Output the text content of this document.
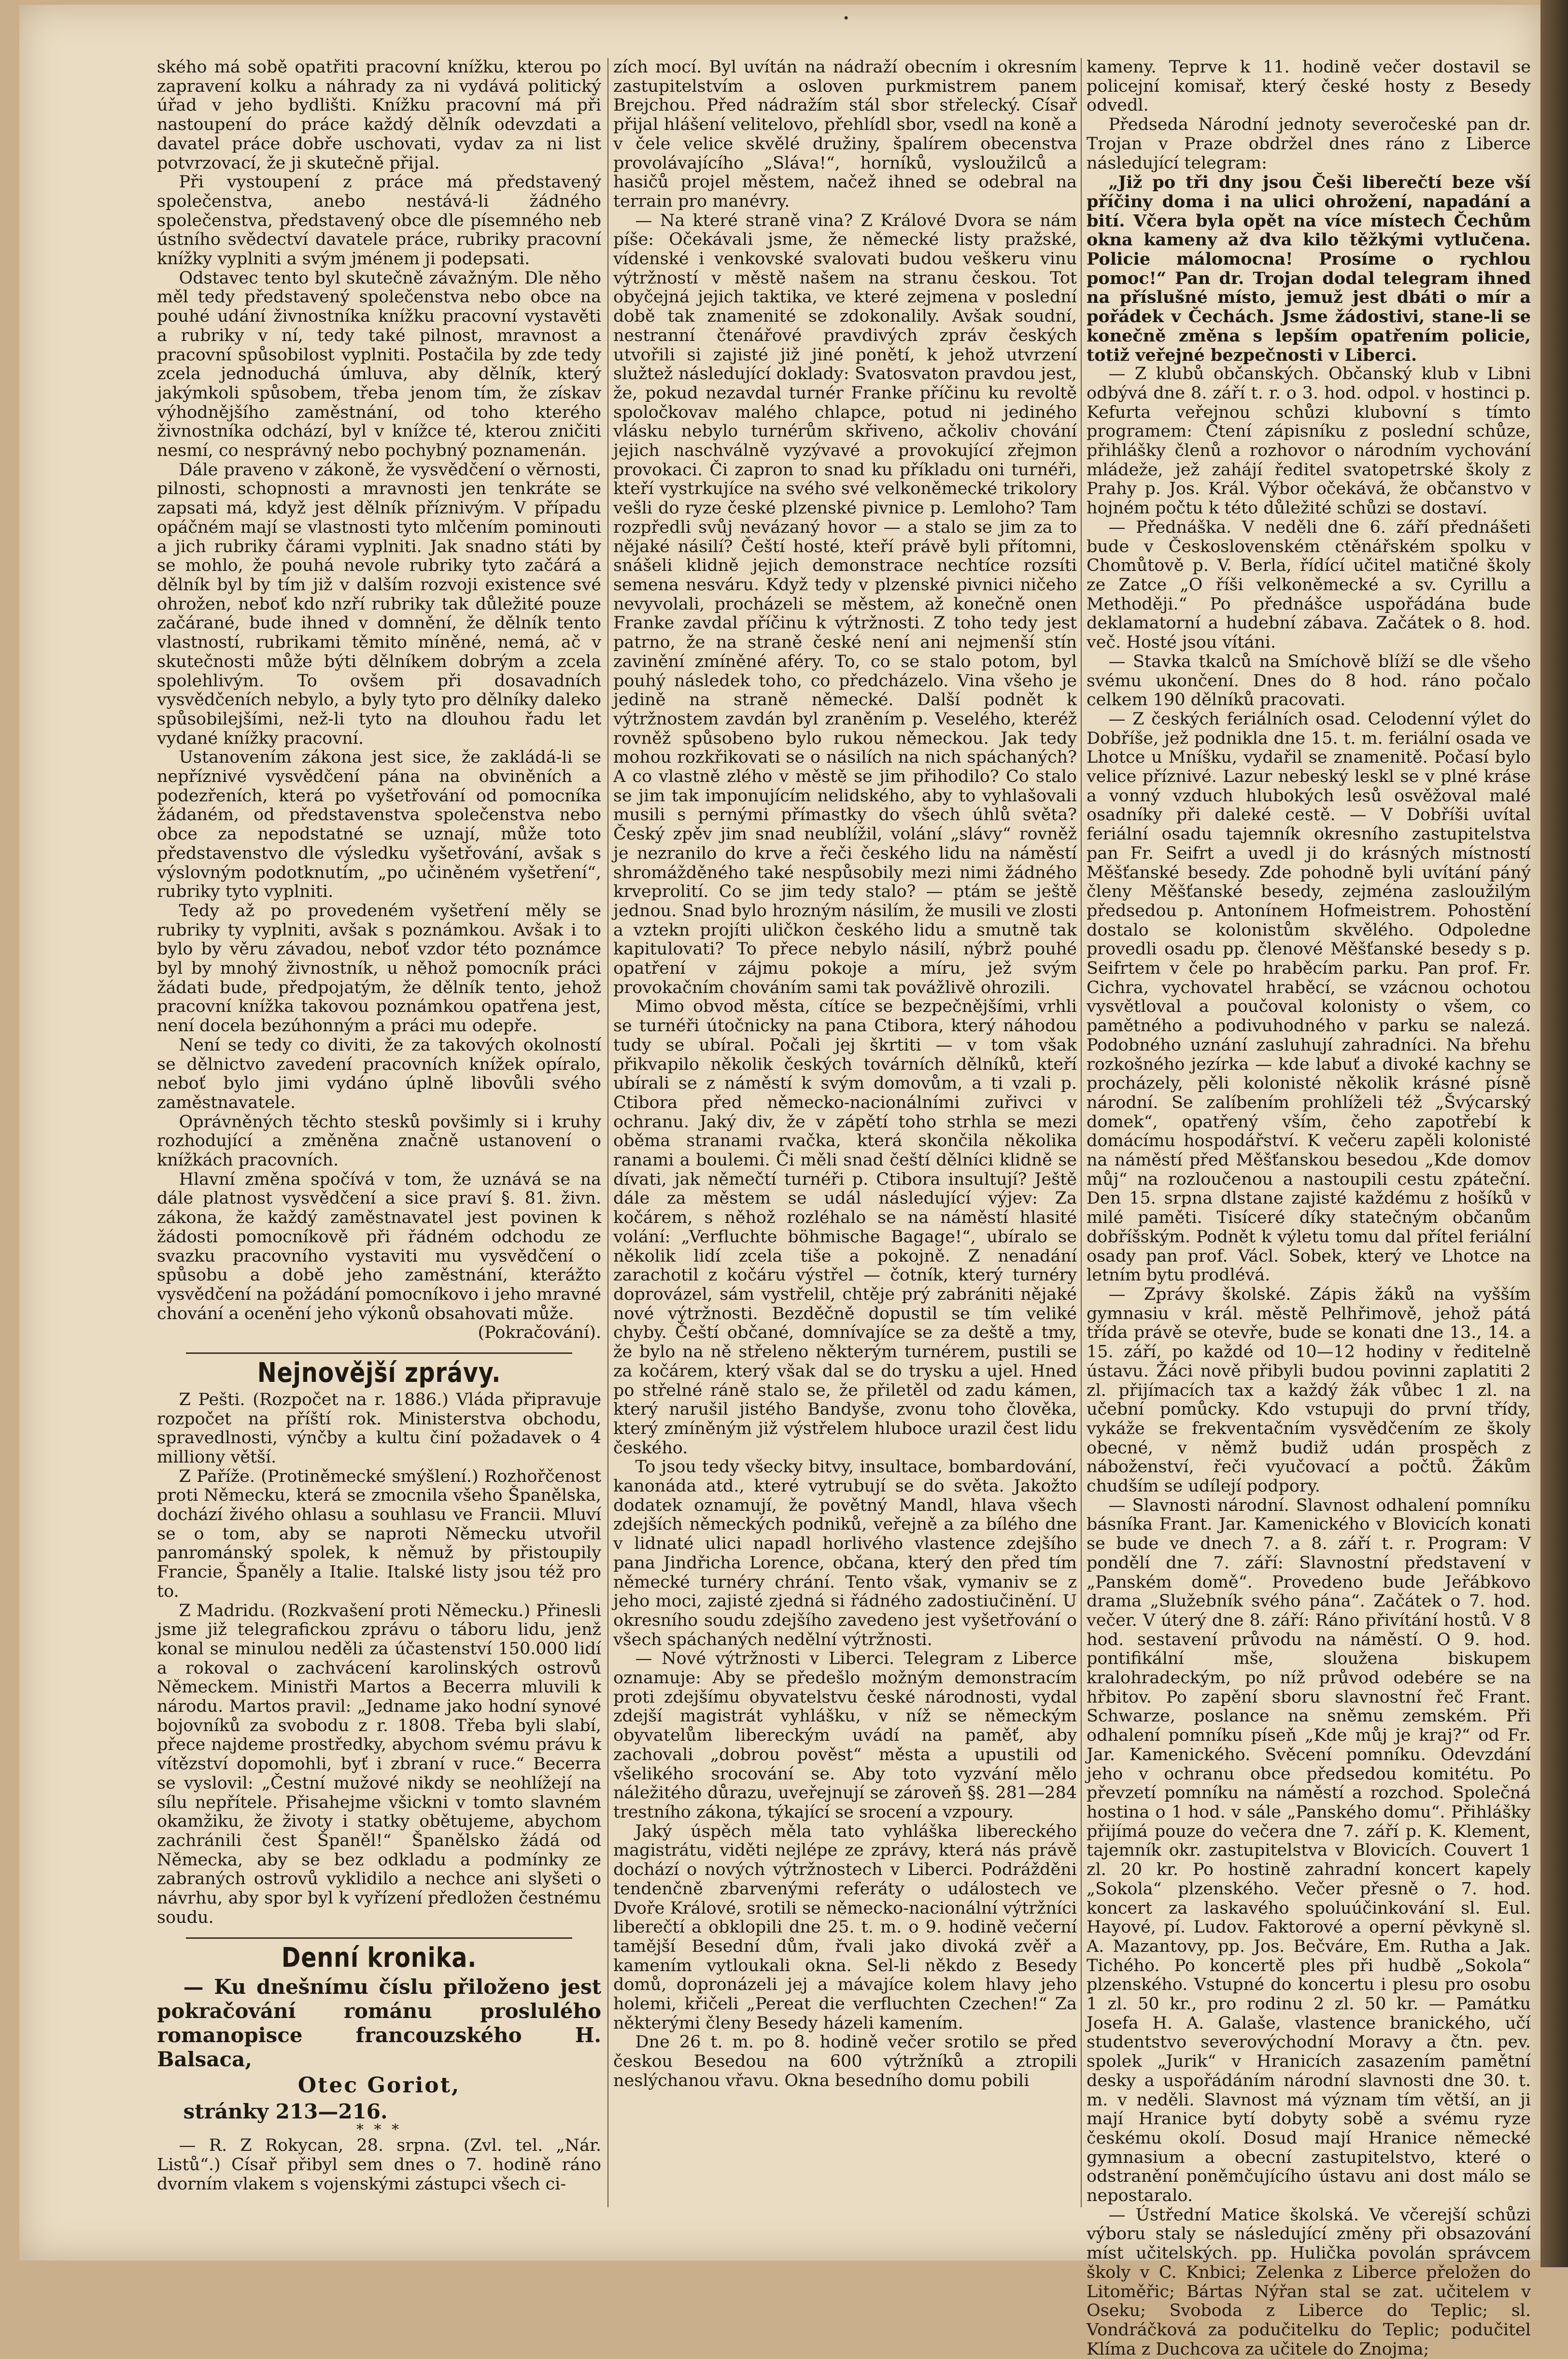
•

ského má sobě opatřiti pracovní knížku, kterou po zapravení kolku a náhrady za ni vydává politický úřad v jeho bydlišti. Knížku pracovní má při nastoupení do práce každý dělník odevzdati a davatel práce dobře uschovati, vydav za ni list potvrzovací, že ji skutečně přijal.

Při vystoupení z práce má představený společenstva, anebo nestává-li žádného společenstva, představený obce dle písemného neb ústního svědectví davatele práce, rubriky pracovní knížky vyplniti a svým jménem ji podepsati.

Odstavec tento byl skutečně závažným. Dle něho měl tedy představený společenstva nebo obce na pouhé udání živnostníka knížku pracovní vystavěti a rubriky v ní, tedy také pilnost, mravnost a pracovní spůsobilost vyplniti. Postačila by zde tedy zcela jednoduchá úmluva, aby dělník, který jakýmkoli spůsobem, třeba jenom tím, že získav výhodnějšího zaměstnání, od toho kterého živnostníka odchází, byl v knížce té, kterou zničiti nesmí, co nesprávný nebo pochybný poznamenán.

Dále praveno v zákoně, že vysvědčení o věrnosti, pilnosti, schopnosti a mravnosti jen tenkráte se zapsati má, když jest dělník příznivým. V případu opáčném mají se vlastnosti tyto mlčením pominouti a jich rubriky čárami vyplniti. Jak snadno státi by se mohlo, že pouhá nevole rubriky tyto začárá a dělník byl by tím již v dalším rozvoji existence své ohrožen, neboť kdo nzří rubriky tak důležité pouze začárané, bude ihned v domnění, že dělník tento vlastností, rubrikami těmito míněné, nemá, ač v skutečnosti může býti dělníkem dobrým a zcela spolehlivým. To ovšem při dosavadních vysvědčeních nebylo, a byly tyto pro dělníky daleko spůsobilejšími, než-li tyto na dlouhou řadu let vydané knížky pracovní.

Ustanovením zákona jest sice, že zakládá-li se nepříznivé vysvědčení pána na obviněních a podezřeních, která po vyšetřování od pomocníka žádaném, od představenstva společenstva nebo obce za nepodstatné se uznají, může toto představenstvo dle výsledku vyšetřování, avšak s výslovným podotknutím, „po učiněném vyšetření“, rubriky tyto vyplniti.

Tedy až po provedeném vyšetření měly se rubriky ty vyplniti, avšak s poznámkou. Avšak i to bylo by věru závadou, neboť vzdor této poznámce byl by mnohý živnostník, u něhož pomocník práci žádati bude, předpojatým, že dělník tento, jehož pracovní knížka takovou poznámkou opatřena jest, není docela bezúhonným a práci mu odepře.

Není se tedy co diviti, že za takových okolností se dělnictvo zavedení pracovních knížek opíralo, neboť bylo jimi vydáno úplně libovůli svého zaměstnavatele.

Oprávněných těchto stesků povšimly si i kruhy rozhodující a změněna značně ustanovení o knížkách pracovních.

Hlavní změna spočívá v tom, že uznává se na dále platnost vysvědčení a sice praví §. 81. živn. zákona, že každý zaměstnavatel jest povinen k žádosti pomocníkově při řádném odchodu ze svazku pracovního vystaviti mu vysvědčení o spůsobu a době jeho zaměstnání, kterážto vysvědčení na požádání pomocníkovo i jeho mravné chování a ocenění jeho výkonů obsahovati může.

(Pokračování).

Nejnovější zprávy.

Z Pešti. (Rozpočet na r. 1886.) Vláda připravuje rozpočet na příští rok. Ministerstva obchodu, spravedlnosti, výnčby a kultu činí požadavek o 4 milliony větší.

Z Paříže. (Protiněmecké smýšlení.) Rozhořčenost proti Německu, která se zmocnila všeho Španělska, dochází živého ohlasu a souhlasu ve Francii. Mluví se o tom, aby se naproti Německu utvořil panrománský spolek, k němuž by přistoupily Francie, Španěly a Italie. Italské listy jsou též pro to.

Z Madridu. (Rozkvašení proti Německu.) Přinesli jsme již telegrafickou zprávu o táboru lidu, jenž konal se minulou neděli za účastenství 150.000 lidí a rokoval o zachvácení karolinských ostrovů Německem. Ministři Martos a Becerra mluvili k národu. Martos pravil: „Jedname jako hodní synové bojovníků za svobodu z r. 1808. Třeba byli slabí, přece najdeme prostředky, abychom svému právu k vítězství dopomohli, byť i zbraní v ruce.“ Becerra se vyslovil: „Čestní mužové nikdy se neohlížejí na sílu nepřítele. Přisahejme všickni v tomto slavném okamžiku, že životy i statky obětujeme, abychom zachránili čest Španěl!“ Španělsko žádá od Německa, aby se bez odkladu a podmínky ze zabraných ostrovů vyklidilo a nechce ani slyšeti o návrhu, aby spor byl k vyřízení předložen čestnému soudu.

Denní kronika.

— Ku dnešnímu číslu přiloženo jest pokračování románu proslulého romanopisce francouzského H. Balsaca,

Otec Goriot,

stránky 213—216.

* * *

— R. Z Rokycan, 28. srpna. (Zvl. tel. „Nár. Listů“.) Císař přibyl sem dnes o 7. hodině ráno dvorním vlakem s vojenskými zástupci všech ci-

zích mocí. Byl uvítán na nádraží obecním i okresním zastupitelstvím a osloven purkmistrem panem Brejchou. Před nádražím stál sbor střelecký. Císař přijal hlášení velitelovo, přehlídl sbor, vsedl na koně a v čele velice skvělé družiny, špalírem obecenstva provolávajícího „Sláva!“, horníků, vysloužilců a hasičů projel městem, načež ihned se odebral na terrain pro manévry.

— Na které straně vina? Z Králové Dvora se nám píše: Očekávali jsme, že německé listy pražské, vídenské i venkovské svalovati budou veškeru vinu výtržností v městě našem na stranu českou. Tot obyčejná jejich taktika, ve které zejmena v poslední době tak znamenité se zdokonalily. Avšak soudní, nestranní čtenářové pravdivých zpráv českých utvořili si zajisté již jiné ponětí, k jehož utvrzení služtež následující doklady: Svatosvaton pravdou jest, že, pokud nezavdal turnér Franke příčinu ku revoltě spoločkovav malého chlapce, potud ni jediného vlásku nebylo turnérům skřiveno, ačkoliv chování jejich naschválně vyzývavé a provokující zřejmon provokaci. Či zapron to snad ku příkladu oni turnéři, kteří vystrkujíce na svého své velkoněmecké trikolory vešli do ryze české plzenské pivnice p. Lemloho? Tam rozpředli svůj nevázaný hovor — a stalo se jim za to nějaké násilí? Čeští hosté, kteří právě byli přítomni, snášeli klidně jejich demonstrace nechtíce rozsíti semena nesváru. Když tedy v plzenské pivnici ničeho nevyvolali, procházeli se městem, až konečně onen Franke zavdal příčinu k výtržnosti. Z toho tedy jest patrno, že na straně české není ani nejmenší stín zavinění zmíněné aféry. To, co se stalo potom, byl pouhý následek toho, co předcházelo. Vina všeho je jedině na straně německé. Další podnět k výtržnostem zavdán byl zraněním p. Veselého, kteréž rovněž spůsobeno bylo rukou německou. Jak tedy mohou rozkřikovati se o násilích na nich spáchaných? A co vlastně zlého v městě se jim přihodilo? Co stalo se jim tak imponujícím nelidského, aby to vyhlašovali musili s pernými přímastky do všech úhlů světa? Český zpěv jim snad neublížil, volání „slávy“ rovněž je nezranilo do krve a řeči českého lidu na náměstí shromážděného také nespůsobily mezi nimi žádného krveprolití. Co se jim tedy stalo? — ptám se ještě jednou. Snad bylo hrozným násilím, že musili ve zlosti a vztekn projíti uličkon českého lidu a smutně tak kapitulovati? To přece nebylo násilí, nýbrž pouhé opatření v zájmu pokoje a míru, jež svým provokačním chováním sami tak povážlivě ohrozili.

Mimo obvod města, cítíce se bezpečnějšími, vrhli se turnéři útočnicky na pana Ctibora, který náhodou tudy se ubíral. Počali jej škrtiti — v tom však přikvapilo několik českých továrních dělníků, kteří ubírali se z náměstí k svým domovům, a ti vzali p. Ctibora před německo-nacionálními zuřivci v ochranu. Jaký div, že v zápětí toho strhla se mezi oběma stranami rvačka, která skončila několika ranami a boulemi. Či měli snad čeští dělníci klidně se dívati, jak němečtí turnéři p. Ctibora insultují? Ještě dále za městem se udál následující výjev: Za kočárem, s něhož rozléhalo se na náměstí hlasité volání: „Verfluchte böhmische Bagage!“, ubíralo se několik lidí zcela tiše a pokojně. Z nenadání zarachotil z kočáru výstřel — čotník, který turnéry doprovázel, sám vystřelil, chtěje prý zabrániti nějaké nové výtržnosti. Bezděčně dopustil se tím veliké chyby. Čeští občané, domnívajíce se za deště a tmy, že bylo na ně střeleno některým turnérem, pustili se za kočárem, který však dal se do trysku a ujel. Hned po střelné ráně stalo se, že přiletěl od zadu kámen, který narušil jistého Bandyše, zvonu toho člověka, který zmíněným již výstřelem hluboce urazil čest lidu českého.

To jsou tedy všecky bitvy, insultace, bombardování, kanonáda atd., které vytrubují se do světa. Jakožto dodatek oznamují, že povětný Mandl, hlava všech zdejších německých podniků, veřejně a za bílého dne v lidnaté ulici napadl horlivého vlastence zdejšího pana Jindřicha Lorence, občana, který den před tím německé turnéry chrání. Tento však, vymaniv se z jeho moci, zajisté zjedná si řádného zadostiučinění. U okresního soudu zdejšího zavedeno jest vyšetřování o všech spáchaných nedělní výtržnosti.

— Nové výtržnosti v Liberci. Telegram z Liberce oznamuje: Aby se předešlo možným demonstracím proti zdejšímu obyvatelstvu české národnosti, vydal zdejší magistrát vyhlášku, v níž se německým obyvatelům libereckým uvádí na paměť, aby zachovali „dobrou pověst“ města a upustili od všelikého srocování se. Aby toto vyzvání mělo náležitého důrazu, uveřejnují se zároveň §§. 281—284 trestního zákona, týkající se srocení a vzpoury.

Jaký úspěch měla tato vyhláška libereckého magistrátu, viděti nejlépe ze zprávy, která nás právě dochází o nových výtržnostech v Liberci. Podrážděni tendenčně zbarvenými referáty o událostech ve Dvoře Králové, srotili se německo-nacionální výtržníci liberečtí a obklopili dne 25. t. m. o 9. hodině večerní tamější Besední dům, řvali jako divoká zvěř a kamením vytloukali okna. Sel-li někdo z Besedy domů, dopronázeli jej a mávajíce kolem hlavy jeho holemi, křičeli „Pereat die verfluchten Czechen!“ Za některými členy Besedy házeli kamením.

Dne 26 t. m. po 8. hodině večer srotilo se před českou Besedou na 600 výtržníků a ztropili neslýchanou vřavu. Okna besedního domu pobili

kameny. Teprve k 11. hodině večer dostavil se policejní komisař, který české hosty z Besedy odvedl.

Předseda Národní jednoty severočeské pan dr. Trojan v Praze obdržel dnes ráno z Liberce následující telegram:

„Již po tři dny jsou Češi liberečtí beze vší příčiny doma i na ulici ohrožení, napadání a bití. Včera byla opět na více místech Čechům okna kameny až dva kilo těžkými vytlučena. Policie málomocna! Prosíme o rychlou pomoc!“ Pan dr. Trojan dodal telegram ihned na příslušné místo, jemuž jest dbáti o mír a pořádek v Čechách. Jsme žádostivi, stane-li se konečně změna s lepším opatřením policie, totiž veřejné bezpečnosti v Liberci.

— Z klubů občanských. Občanský klub v Libni odbývá dne 8. září t. r. o 3. hod. odpol. v hostinci p. Kefurta veřejnou schůzi klubovní s tímto programem: Čtení zápisníku z poslední schůze, přihlášky členů a rozhovor o národním vychování mládeže, jež zahájí ředitel svatopetrské školy z Prahy p. Jos. Král. Výbor očekává, že občanstvo v hojném počtu k této důležité schůzi se dostaví.

— Přednáška. V neděli dne 6. září přednášeti bude v Československém ctěnářském spolku v Chomůtově p. V. Berla, řídící učitel matičné školy ze Zatce „O říši velkoněmecké a sv. Cyrillu a Methoději.“ Po přednášce uspořádána bude deklamatorní a hudební zábava. Začátek o 8. hod. več. Hosté jsou vítáni.

— Stavka tkalců na Smíchově blíží se dle všeho svému ukončení. Dnes do 8 hod. ráno počalo celkem 190 dělníků pracovati.

— Z českých feriálních osad. Celodenní výlet do Dobříše, jež podnikla dne 15. t. m. feriální osada ve Lhotce u Mníšku, vydařil se znamenitě. Počasí bylo velice příznivé. Lazur nebeský leskl se v plné kráse a vonný vzduch hlubokých lesů osvěžoval malé osadníky při daleké cestě. — V Dobříši uvítal feriální osadu tajemník okresního zastupitelstva pan Fr. Seifrt a uvedl ji do krásných místností Měšťanské besedy. Zde pohodně byli uvítání páný členy Měšťanské besedy, zejména zasloužilým předsedou p. Antonínem Hofmeistrem. Pohostění dostalo se kolonistům skvělého. Odpoledne provedli osadu pp. členové Měšťanské besedy s p. Seifrtem v čele po hraběcím parku. Pan prof. Fr. Cichra, vychovatel hraběcí, se vzácnou ochotou vysvětloval a poučoval kolonisty o všem, co pamětného a podivuhodného v parku se nalezá. Podobného uznání zasluhují zahradníci. Na břehu rozkošného jezírka — kde labuť a divoké kachny se procházely, pěli kolonisté několik krásné písně národní. Se zalíbením prohlíželi též „Švýcarský domek“, opatřený vším, čeho zapotřebí k domácímu hospodářství. K večeru zapěli kolonisté na náměstí před Měšťanskou besedou „Kde domov můj“ na rozloučenou a nastoupili cestu zpáteční. Den 15. srpna dlstane zajisté každému z hošíků v milé paměti. Tisíceré díky statečným občanům dobříšským. Podnět k výletu tomu dal přítel feriální osady pan prof. Václ. Sobek, který ve Lhotce na letním bytu prodlévá.

— Zprávy školské. Zápis žáků na vyšším gymnasiu v král. městě Pelhřimově, jehož pátá třída právě se otevře, bude se konati dne 13., 14. a 15. září, po každé od 10—12 hodiny v ředitelně ústavu. Žáci nově přibyli budou povinni zaplatiti 2 zl. přijímacích tax a každý žák vůbec 1 zl. na učební pomůcky. Kdo vstupuji do první třídy, vykáže se frekventačním vysvědčením ze školy obecné, v němž budiž udán prospěch z náboženství, řeči vyučovací a počtů. Žákům chudším se udílejí podpory.

— Slavnosti národní. Slavnost odhalení pomníku básníka Frant. Jar. Kamenického v Blovicích konati se bude ve dnech 7. a 8. září t. r. Program: V pondělí dne 7. září: Slavnostní představení v „Panském domě“. Provedeno bude Jeřábkovo drama „Služebník svého pána“. Začátek o 7. hod. večer. V úterý dne 8. září: Ráno přivítání hostů. V 8 hod. sestavení průvodu na náměstí. O 9. hod. pontifikální mše, sloužena biskupem kralohradeckým, po níž průvod odebére se na hřbitov. Po zapění sboru slavnostní řeč Frant. Schwarze, poslance na sněmu zemském. Při odhalení pomníku píseň „Kde můj je kraj?“ od Fr. Jar. Kamenického. Svěcení pomníku. Odevzdání jeho v ochranu obce předsedou komitétu. Po převzetí pomníku na náměstí a rozchod. Společná hostina o 1 hod. v sále „Panského domu“. Přihlášky přijímá pouze do večera dne 7. září p. K. Klement, tajemník okr. zastupitelstva v Blovicích. Couvert 1 zl. 20 kr. Po hostině zahradní koncert kapely „Sokola“ plzenského. Večer přesně o 7. hod. koncert za laskavého spoluúčinkování sl. Eul. Hayové, pí. Ludov. Faktorové a operní pěvkyně sl. A. Mazantovy, pp. Jos. Bečváre, Em. Rutha a Jak. Tichého. Po koncertě ples při hudbě „Sokola“ plzenského. Vstupné do koncertu i plesu pro osobu 1 zl. 50 kr., pro rodinu 2 zl. 50 kr. — Památku Josefa H. A. Galaše, vlastence branického, učí studentstvo severovýchodní Moravy a čtn. pev. spolek „Jurik“ v Hranicích zasazením pamětní desky a uspořádáním národní slavnosti dne 30. t. m. v neděli. Slavnost má význam tím větší, an ji mají Hranice bytí dobyty sobě a svému ryze českému okolí. Dosud mají Hranice německé gymnasium a obecní zastupitelstvo, které o odstranění poněmčujícího ústavu ani dost málo se nepostaralo.

— Ústřední Matice školská. Ve včerejší schůzi výboru staly se následující změny při obsazování míst učitelských. pp. Hulička povolán správcem školy v C. Knbici; Zelenka z Liberce přeložen do Litoměřic; Bártas Nýřan stal se zat. učitelem v Oseku; Svoboda z Liberce do Teplic; sl. Vondráčková za podučitelku do Teplic; podučitel Klíma z Duchcova za učitele do Znojma;
